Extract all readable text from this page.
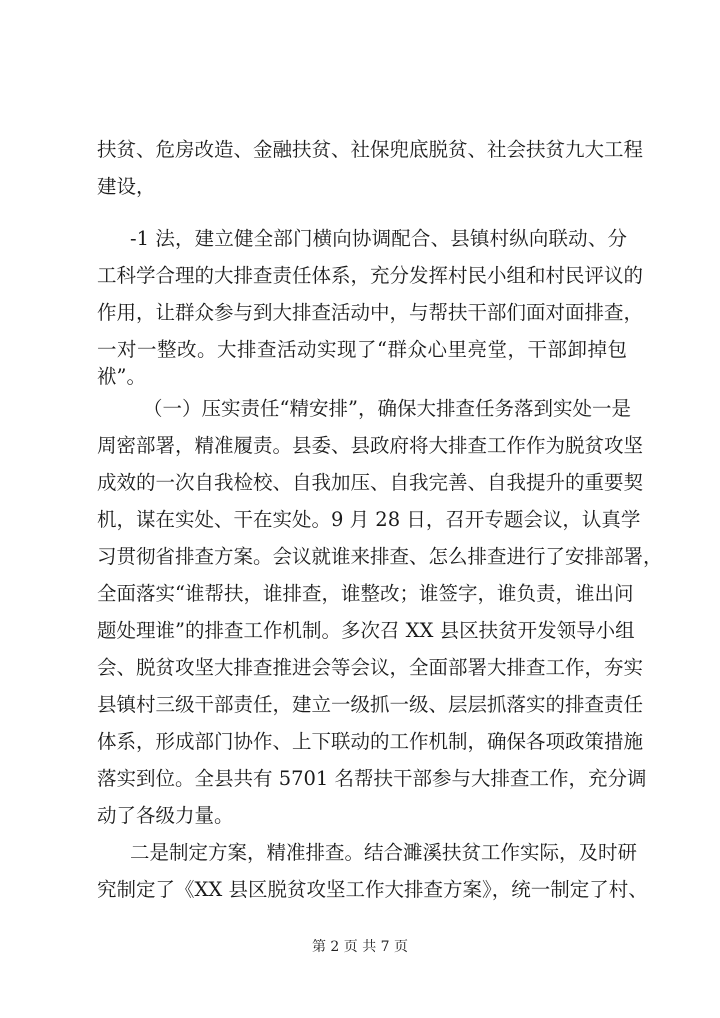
扶贫、危房改造、金融扶贫、社保兜底脱贫、社会扶贫九大工程
建设，
-1 法，建立健全部门横向协调配合、县镇村纵向联动、分
工科学合理的大排查责任体系，充分发挥村民小组和村民评议的
作用，让群众参与到大排查活动中，与帮扶干部们面对面排查，
一对一整改。大排查活动实现了“群众心里亮堂，干部卸掉包
袱”。
（一）压实责任“精安排”，确保大排查任务落到实处一是
周密部署，精准履责。县委、县政府将大排查工作作为脱贫攻坚
成效的一次自我检校、自我加压、自我完善、自我提升的重要契
机，谋在实处、干在实处。9 月 28 日，召开专题会议，认真学
习贯彻省排查方案。会议就谁来排查、怎么排查进行了安排部署，
全面落实“谁帮扶，谁排查，谁整改；谁签字，谁负责，谁出问
题处理谁”的排查工作机制。多次召 XX 县区扶贫开发领导小组
会、脱贫攻坚大排查推进会等会议，全面部署大排查工作，夯实
县镇村三级干部责任，建立一级抓一级、层层抓落实的排查责任
体系，形成部门协作、上下联动的工作机制，确保各项政策措施
落实到位。全县共有 5701 名帮扶干部参与大排查工作，充分调
动了各级力量。
二是制定方案，精准排查。结合濉溪扶贫工作实际，及时研
究制定了《XX 县区脱贫攻坚工作大排查方案》，统一制定了村、
第 2 页 共 7 页
